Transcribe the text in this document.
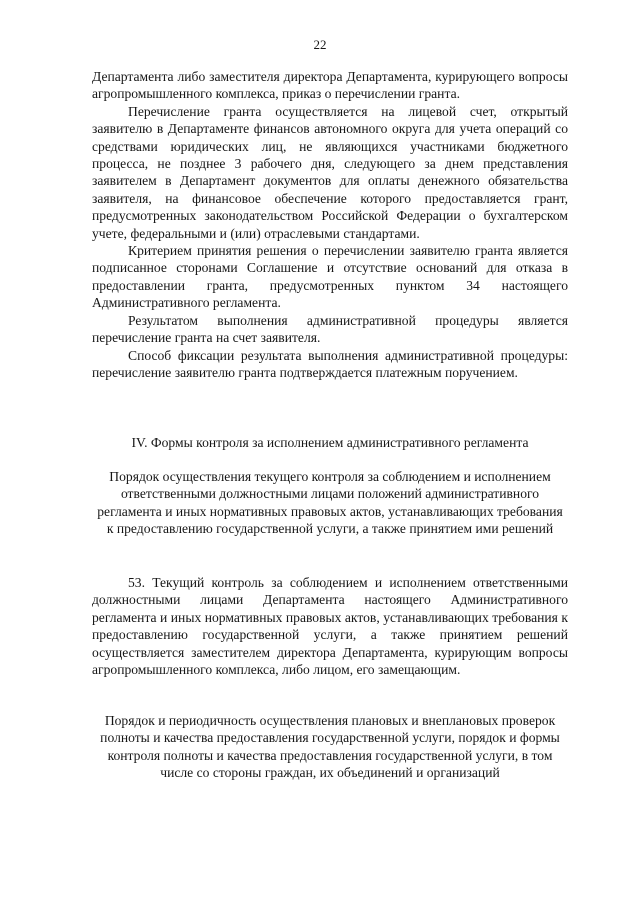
22

Департамента либо заместителя директора Департамента, курирующего вопросы агропромышленного комплекса, приказ о перечислении гранта.

Перечисление гранта осуществляется на лицевой счет, открытый заявителю в Департаменте финансов автономного округа для учета операций со средствами юридических лиц, не являющихся участниками бюджетного процесса, не позднее 3 рабочего дня, следующего за днем представления заявителем в Департамент документов для оплаты денежного обязательства заявителя, на финансовое обеспечение которого предоставляется грант, предусмотренных законодательством Российской Федерации о бухгалтерском учете, федеральными и (или) отраслевыми стандартами.

Критерием принятия решения о перечислении заявителю гранта является подписанное сторонами Соглашение и отсутствие оснований для отказа в предоставлении гранта, предусмотренных пунктом 34 настоящего Административного регламента.

Результатом выполнения административной процедуры является перечисление гранта на счет заявителя.

Способ фиксации результата выполнения административной процедуры: перечисление заявителю гранта подтверждается платежным поручением.

IV. Формы контроля за исполнением административного регламента

Порядок осуществления текущего контроля за соблюдением и исполнением ответственными должностными лицами положений административного регламента и иных нормативных правовых актов, устанавливающих требования к предоставлению государственной услуги, а также принятием ими решений

53. Текущий контроль за соблюдением и исполнением ответственными должностными лицами Департамента настоящего Административного регламента и иных нормативных правовых актов, устанавливающих требования к предоставлению государственной услуги, а также принятием решений осуществляется заместителем директора Департамента, курирующим вопросы агропромышленного комплекса, либо лицом, его замещающим.

Порядок и периодичность осуществления плановых и внеплановых проверок полноты и качества предоставления государственной услуги, порядок и формы контроля полноты и качества предоставления государственной услуги, в том числе со стороны граждан, их объединений и организаций
